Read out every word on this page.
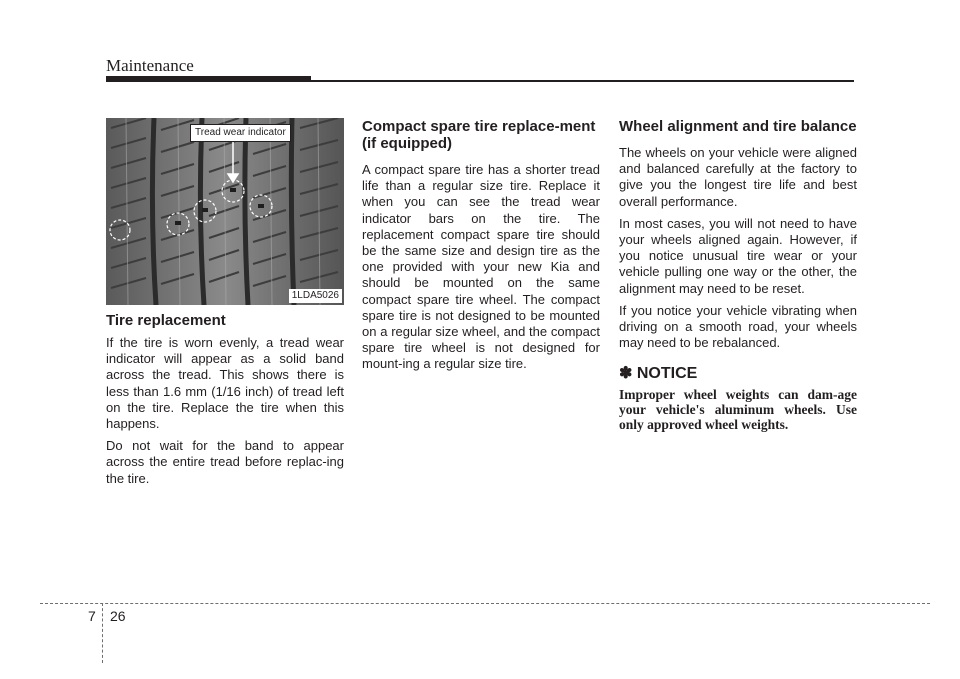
Maintenance
Tread wear indicator
1LDA5026
Tire replacement

If the tire is worn evenly, a tread wear indicator will appear as a solid band across the tread. This shows there is less than 1.6 mm (1/16 inch) of tread left on the tire. Replace the tire when this happens.

Do not wait for the band to appear across the entire tread before replac-ing the tire.

Compact spare tire replace-ment (if equipped)

A compact spare tire has a shorter tread life than a regular size tire. Replace it when you can see the tread wear indicator bars on the tire. The replacement compact spare tire should be the same size and design tire as the one provided with your new Kia and should be mounted on the same compact spare tire wheel. The compact spare tire is not designed to be mounted on a regular size wheel, and the compact spare tire wheel is not designed for mount-ing a regular size tire.

Wheel alignment and tire balance

The wheels on your vehicle were aligned and balanced carefully at the factory to give you the longest tire life and best overall performance.

In most cases, you will not need to have your wheels aligned again. However, if you notice unusual tire wear or your vehicle pulling one way or the other, the alignment may need to be reset.

If you notice your vehicle vibrating when driving on a smooth road, your wheels may need to be rebalanced.

✽ NOTICE
Improper wheel weights can dam-age your vehicle's aluminum wheels. Use only approved wheel weights.
7 26
